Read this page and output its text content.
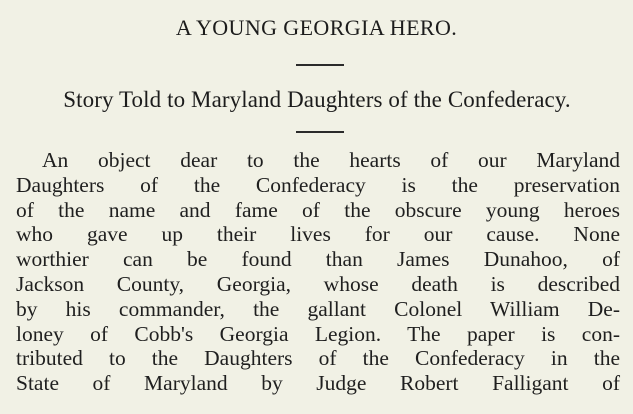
A YOUNG GEORGIA HERO.
Story Told to Maryland Daughters of the Confederacy.
An object dear to the hearts of our Maryland
Daughters of the Confederacy is the preservation
of the name and fame of the obscure young heroes
who gave up their lives for our cause. None
worthier can be found than James Dunahoo, of
Jackson County, Georgia, whose death is described
by his commander, the gallant Colonel William De-
loney of Cobb's Georgia Legion. The paper is con-
tributed to the Daughters of the Confederacy in the
State of Maryland by Judge Robert Falligant of
